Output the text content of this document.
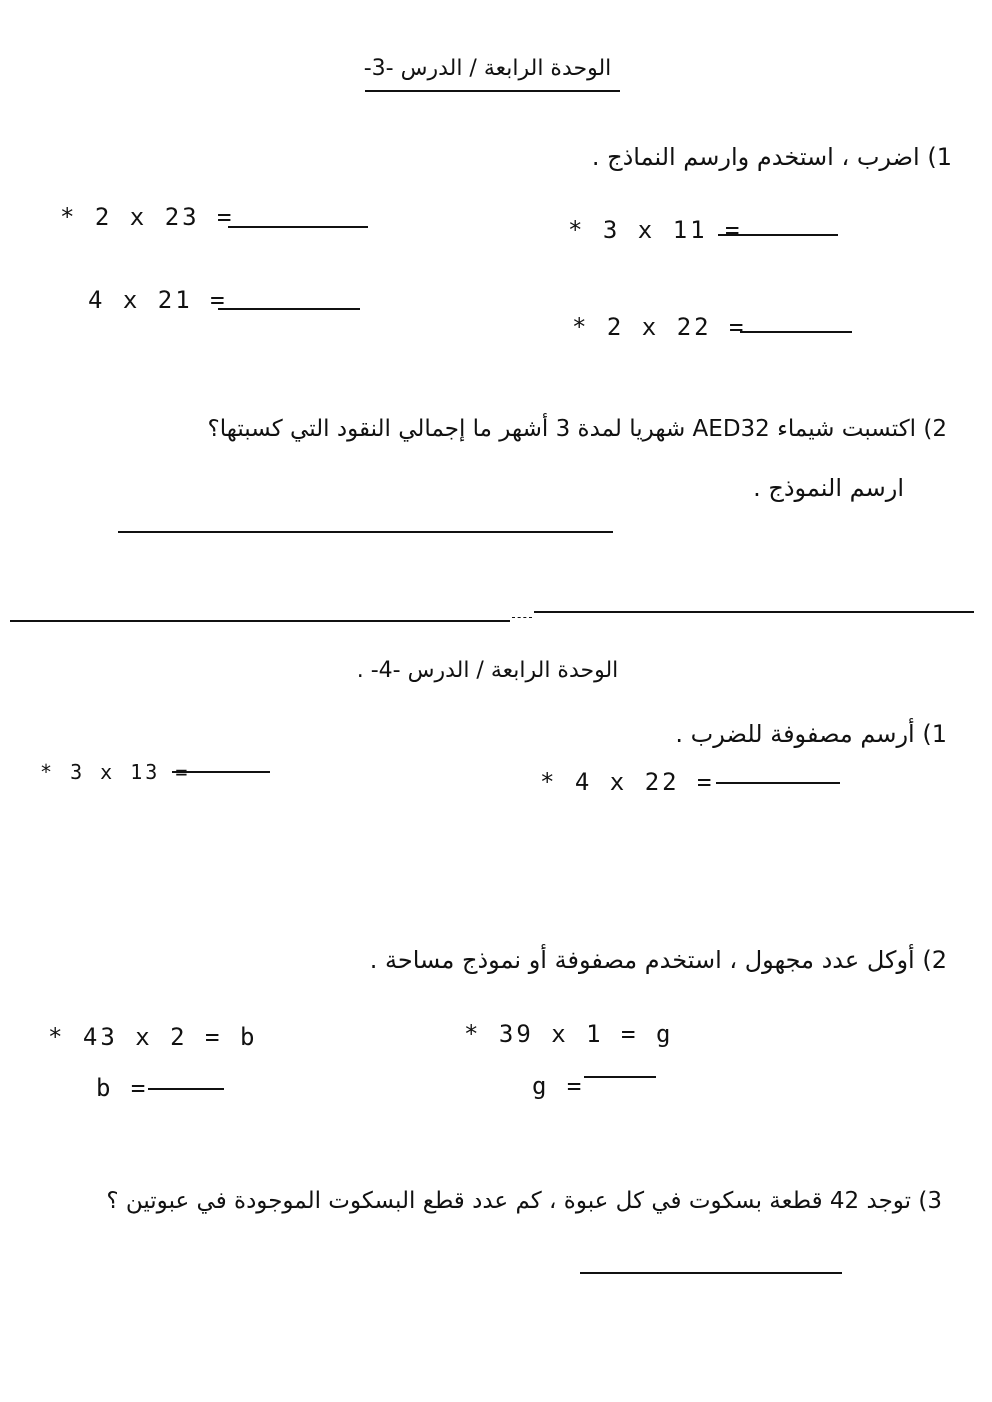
الوحدة الرابعة / الدرس -3-
1) اضرب ، استخدم وارسم النماذج .
* 3 x 11 =
* 2 x 23 =
* 2 x 22 =
4 x 21 =
2) اكتسبت شيماء AED32 شهريا لمدة 3 أشهر ما إجمالي النقود التي كسبتها؟
ارسم النموذج .
الوحدة الرابعة / الدرس -4- .
1) أرسم مصفوفة للضرب .
* 3 x 13 =	* 4 x 22 =
2) أوكل عدد مجهول ، استخدم مصفوفة أو نموذج مساحة .
* 43 x 2 = b	* 39 x 1 = g
b =	g =
3) توجد 42 قطعة بسكوت في كل عبوة ، كم عدد قطع البسكوت الموجودة في عبوتين ؟
